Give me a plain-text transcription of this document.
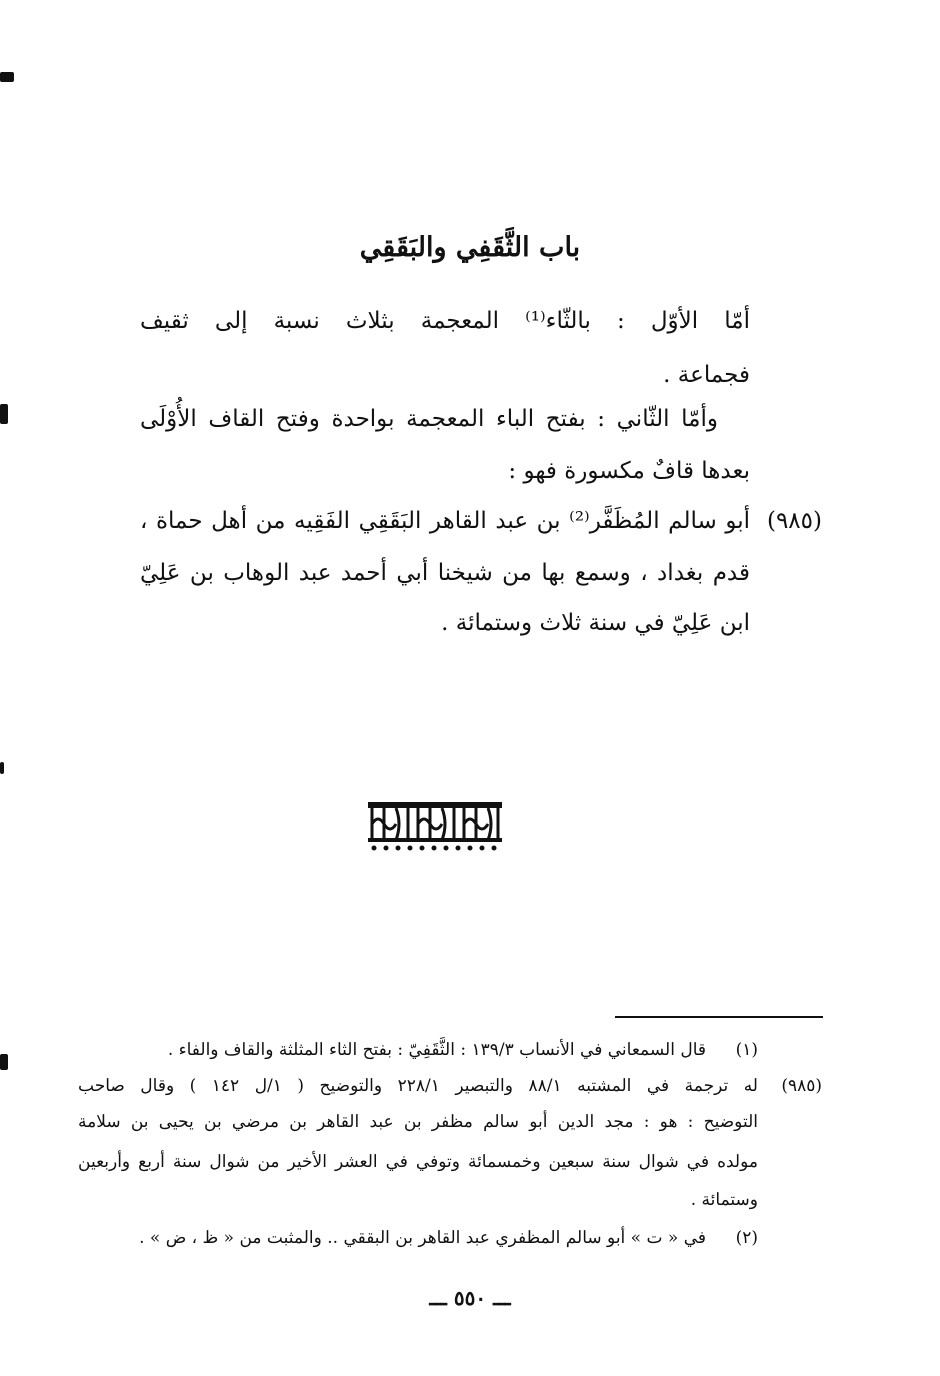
باب الثَّقَفِي والبَقَقِي
أمّا الأوّل : بالثّاء⁽¹⁾ المعجمة بثلاث نسبة إلى ثقيف
فجماعة .
وأمّا الثّاني : بفتح الباء المعجمة بواحدة وفتح القاف الأُوْلَى
بعدها قافٌ مكسورة فهو :
(٩٨٥)
أبو سالم المُظَفَّر⁽²⁾ بن عبد القاهر البَقَقِي الفَقِيه من أهل حماة ،
قدم بغداد ، وسمع بها من شيخنا أبي أحمد عبد الوهاب بن عَلِيّ
ابن عَلِيّ في سنة ثلاث وستمائة .
(١)
قال السمعاني في الأنساب ١٣٩/٣ : الثَّقَفِيّ : بفتح الثاء المثلثة والقاف والفاء .
(٩٨٥)
له ترجمة في المشتبه ٨٨/١ والتبصير ٢٢٨/١ والتوضيح ( ١/ل ١٤٢ ) وقال صاحب
التوضيح : هو : مجد الدين أبو سالم مظفر بن عبد القاهر بن مرضي بن يحيى بن سلامة
مولده في شوال سنة سبعين وخمسمائة وتوفي في العشر الأخير من شوال سنة أربع وأربعين
وستمائة .
(٢)
في « ت » أبو سالم المظفري عبد القاهر بن البققي .. والمثبت من « ظ ، ض » .
ـــ ٥٥٠ ـــ
